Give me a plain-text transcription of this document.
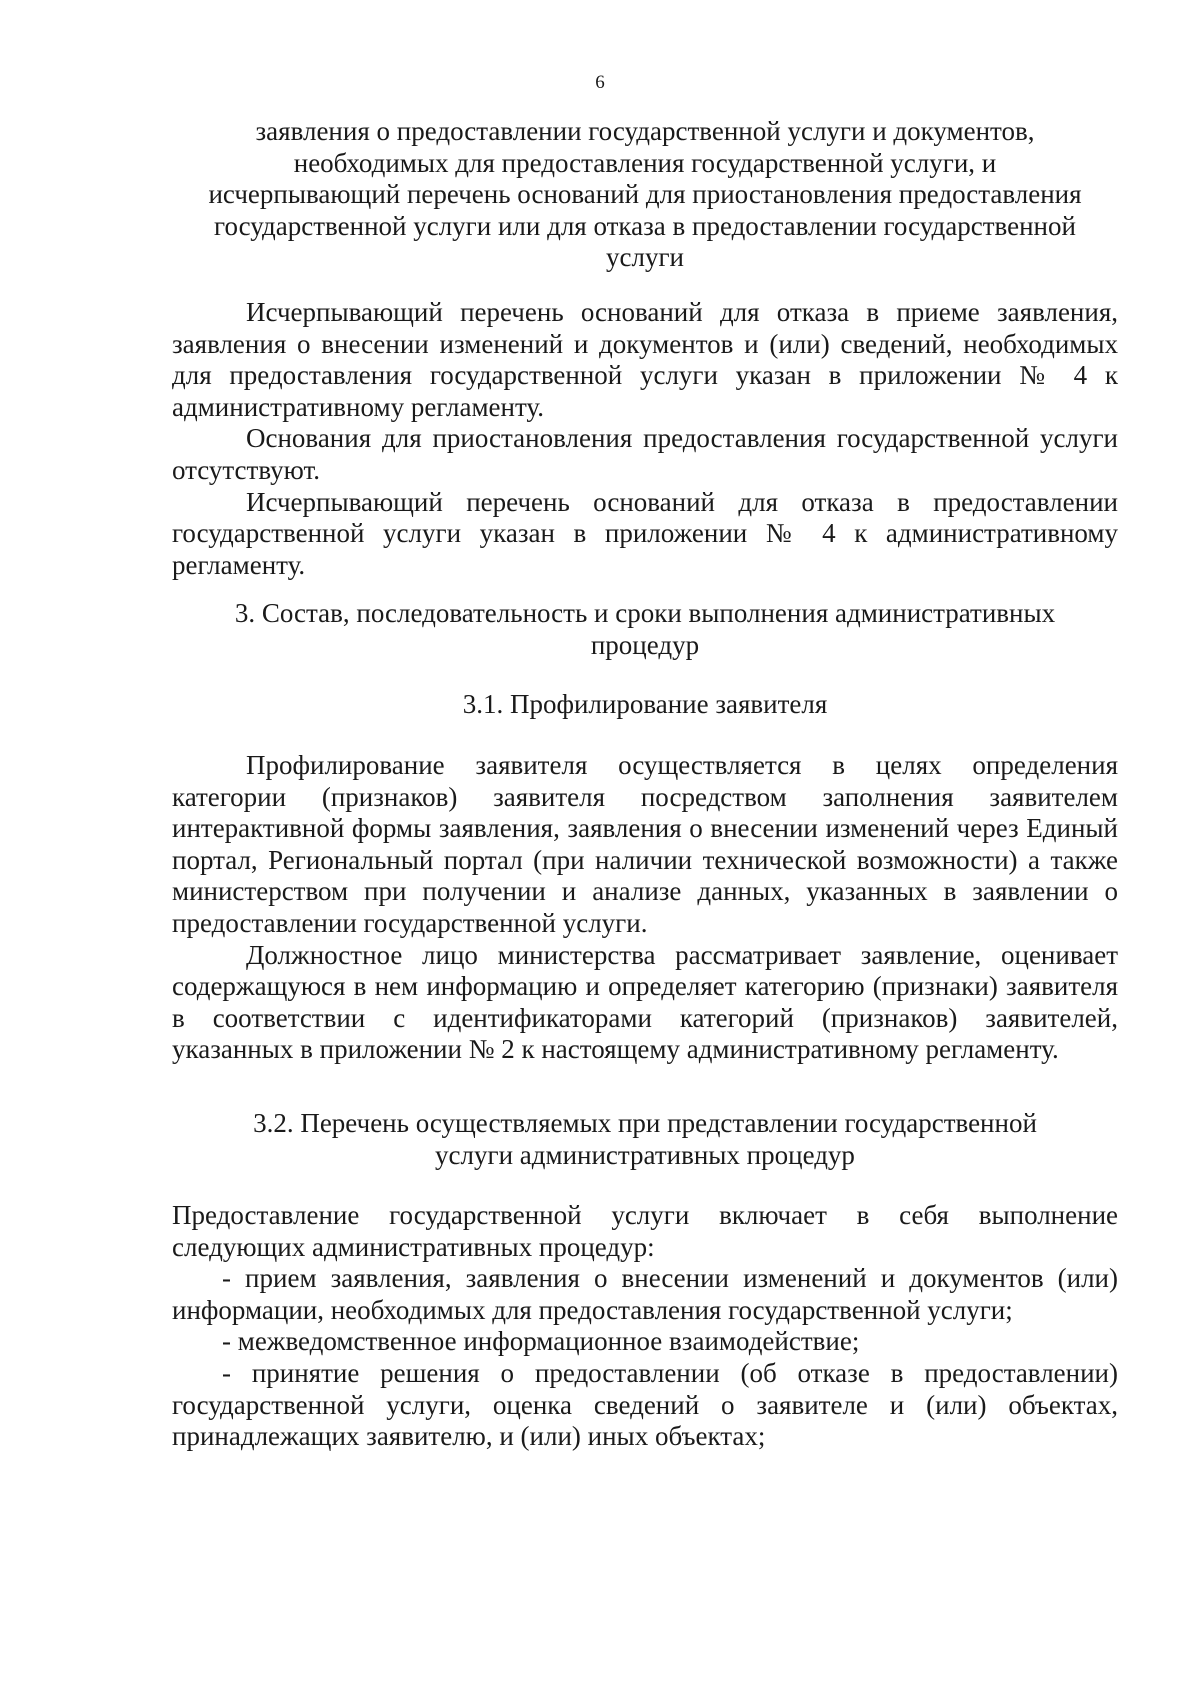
6

заявления о предоставлении государственной услуги и документов,

необходимых для предоставления государственной услуги, и

исчерпывающий перечень оснований для приостановления предоставления

государственной услуги или для отказа в предоставлении государственной

услуги

Исчерпывающий перечень оснований для отказа в приеме заявления, заявления о внесении изменений и документов и (или) сведений, необходимых для предоставления государственной услуги указан в приложении № 4 к административному регламенту.

Основания для приостановления предоставления государственной услуги отсутствуют.

Исчерпывающий перечень оснований для отказа в предоставлении государственной услуги указан в приложении № 4 к административному регламенту.

3. Состав, последовательность и сроки выполнения административных

процедур

3.1. Профилирование заявителя

Профилирование заявителя осуществляется в целях определения категории (признаков) заявителя посредством заполнения заявителем интерактивной формы заявления, заявления о внесении изменений через Единый портал, Региональный портал (при наличии технической возможности) а также министерством при получении и анализе данных, указанных в заявлении о предоставлении государственной услуги.

Должностное лицо министерства рассматривает заявление, оценивает содержащуюся в нем информацию и определяет категорию (признаки) заявителя в соответствии с идентификаторами категорий (признаков) заявителей, указанных в приложении № 2 к настоящему административному регламенту.

3.2. Перечень осуществляемых при представлении государственной

услуги административных процедур

Предоставление государственной услуги включает в себя выполнение следующих административных процедур:

- прием заявления, заявления о внесении изменений и документов (или) информации, необходимых для предоставления государственной услуги;

- межведомственное информационное взаимодействие;

- принятие решения о предоставлении (об отказе в предоставлении) государственной услуги, оценка сведений о заявителе и (или) объектах, принадлежащих заявителю, и (или) иных объектах;
